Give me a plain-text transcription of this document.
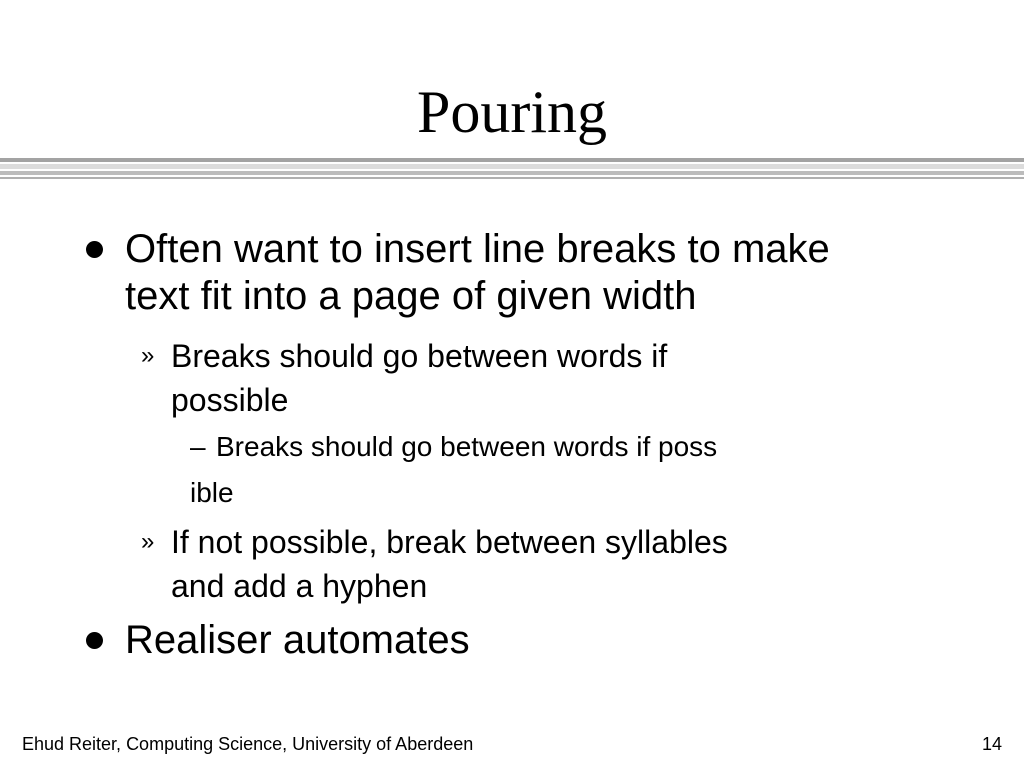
Pouring
Often want to insert line breaks to make
text fit into a page of given width
» Breaks should go between words if
possible
– Breaks should go between words if poss
ible
» If not possible, break between syllables
and add a hyphen
Realiser automates
Ehud Reiter, Computing Science, University of Aberdeen	14
